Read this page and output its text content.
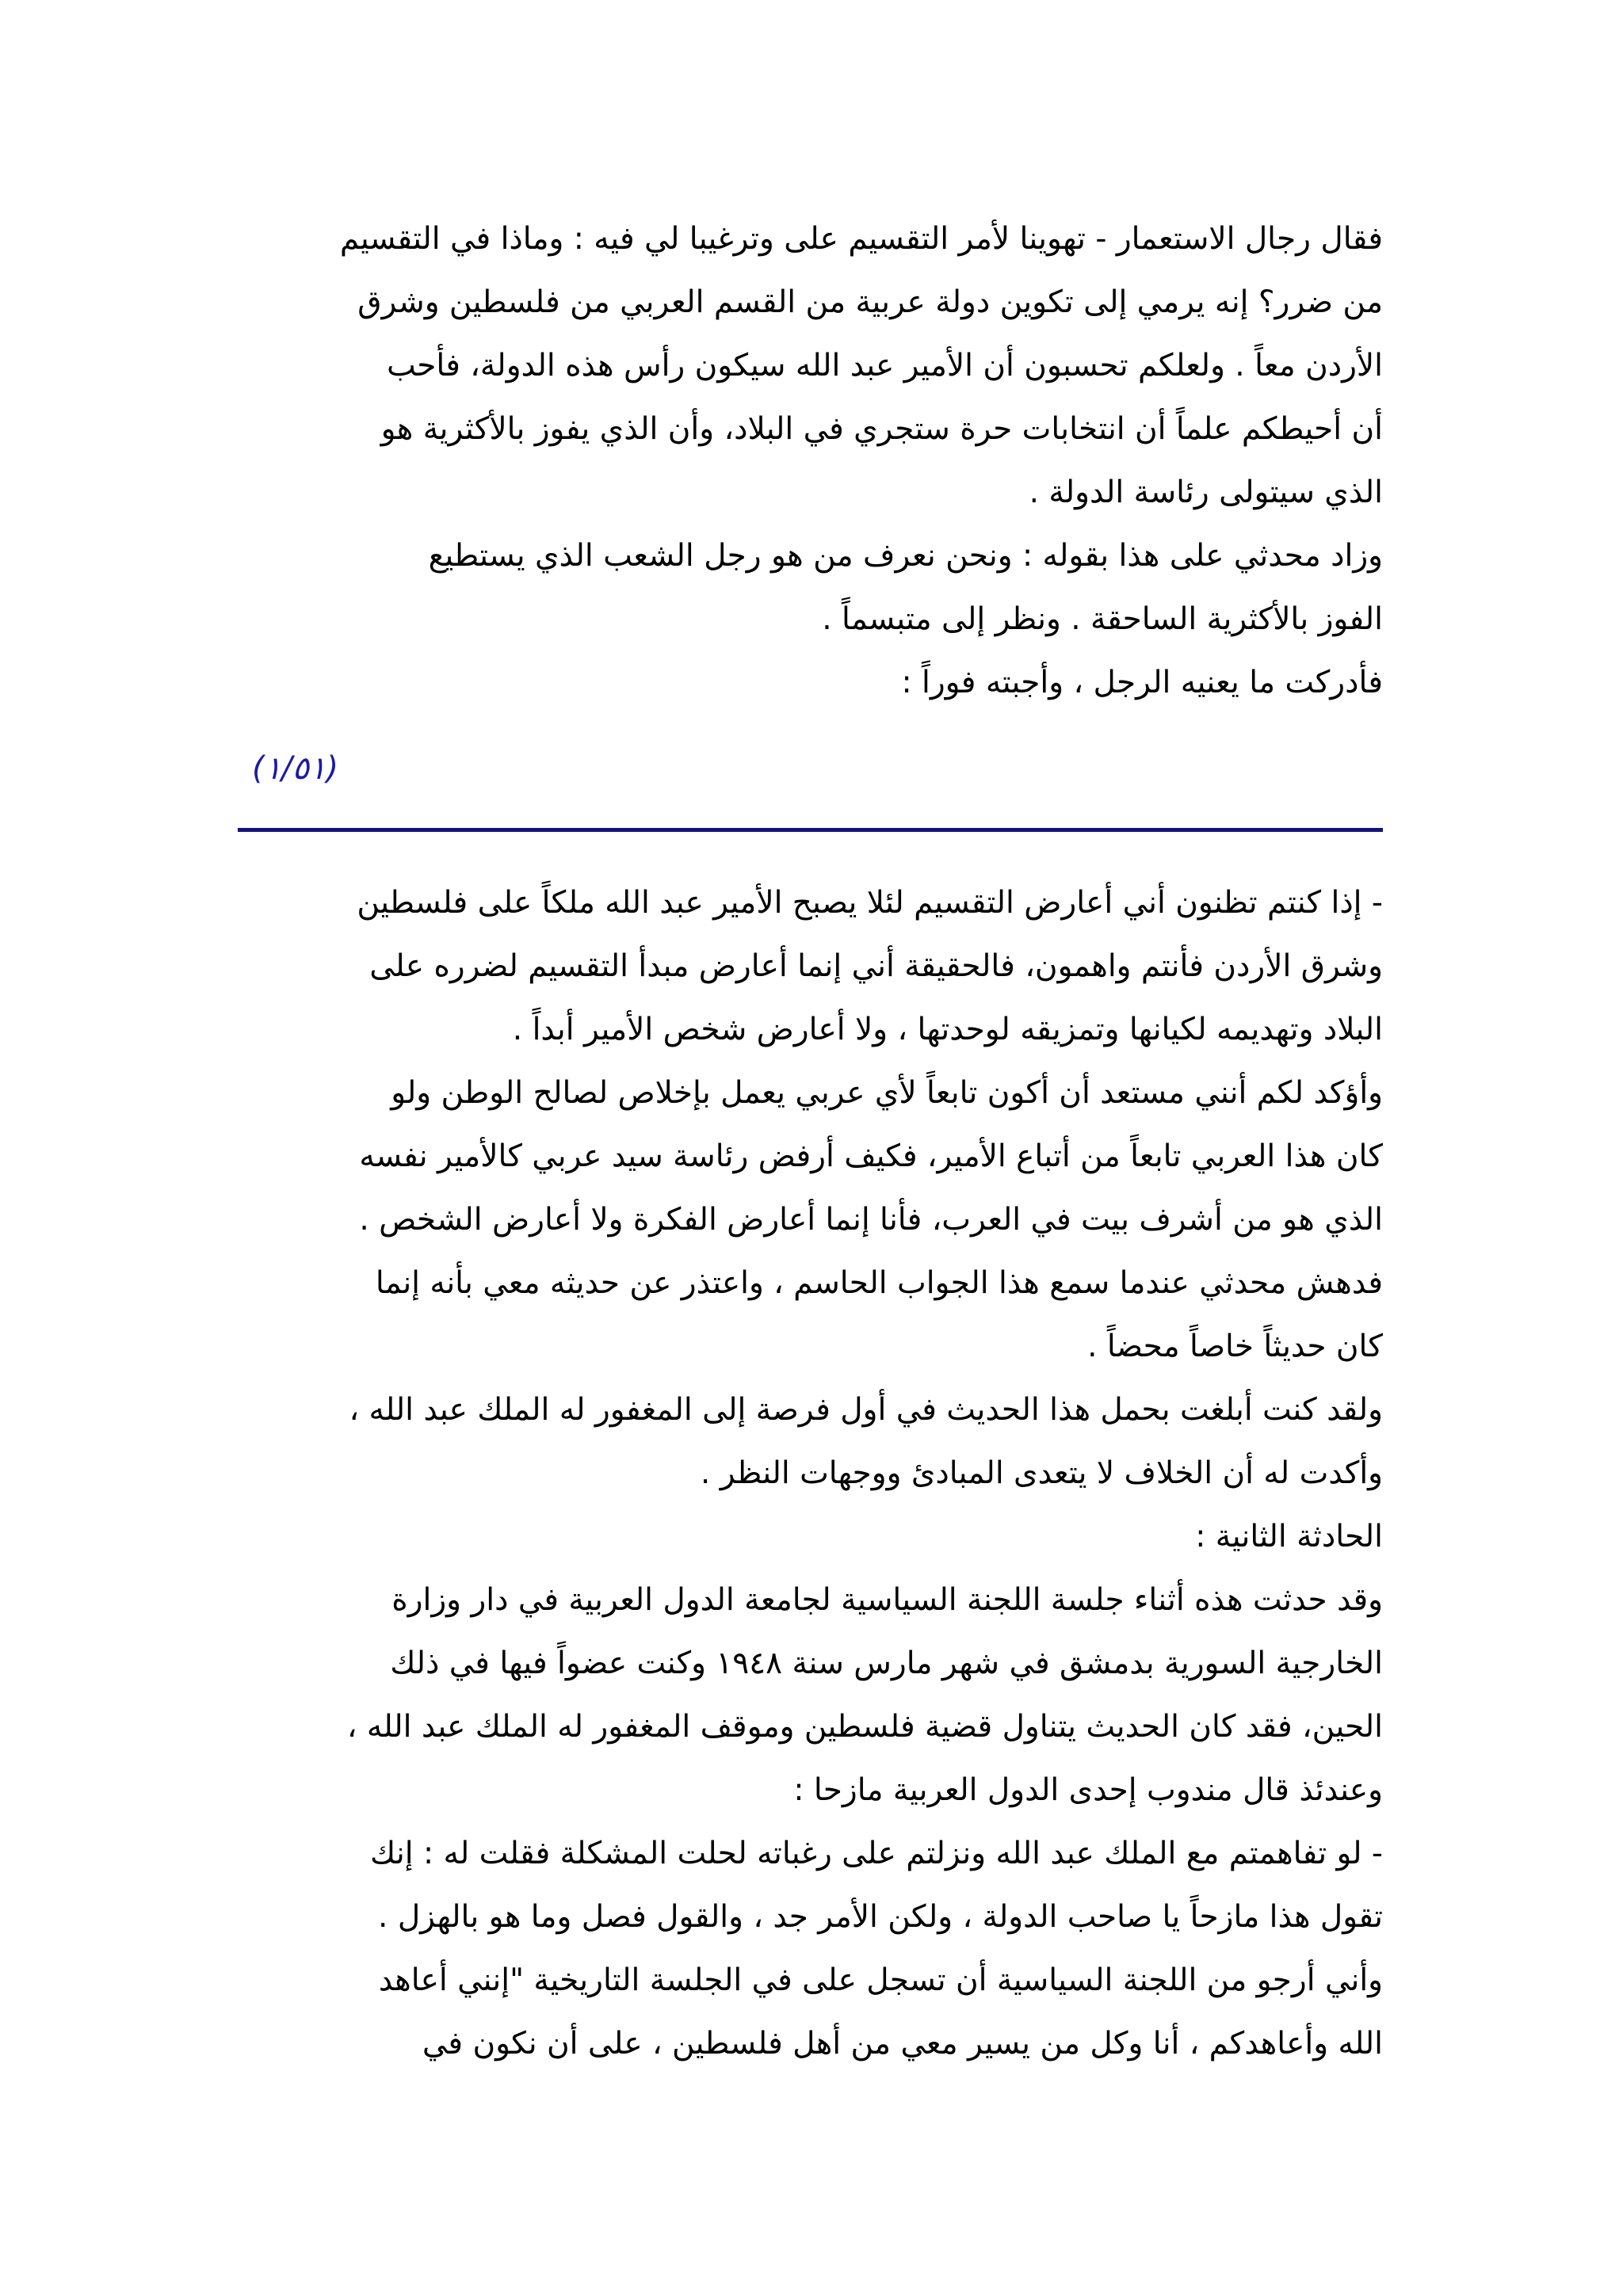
فقال رجال الاستعمار - تهوينا لأمر التقسيم على وترغيبا لي فيه : وماذا في التقسيم
من ضرر؟ إنه يرمي إلى تكوين دولة عربية من القسم العربي من فلسطين وشرق
الأردن معاً . ولعلكم تحسبون أن الأمير عبد الله سيكون رأس هذه الدولة، فأحب
أن أحيطكم علماً أن انتخابات حرة ستجري في البلاد، وأن الذي يفوز بالأكثرية هو
الذي سيتولى رئاسة الدولة .
وزاد محدثي على هذا بقوله : ونحن نعرف من هو رجل الشعب الذي يستطيع
الفوز بالأكثرية الساحقة . ونظر إلى متبسماً .
فأدركت ما يعنيه الرجل ، وأجبته فوراً :
(١/٥١)
- إذا كنتم تظنون أني أعارض التقسيم لئلا يصبح الأمير عبد الله ملكاً على فلسطين
وشرق الأردن فأنتم واهمون، فالحقيقة أني إنما أعارض مبدأ التقسيم لضرره على
البلاد وتهديمه لكيانها وتمزيقه لوحدتها ، ولا أعارض شخص الأمير أبداً .
وأؤكد لكم أنني مستعد أن أكون تابعاً لأي عربي يعمل بإخلاص لصالح الوطن ولو
كان هذا العربي تابعاً من أتباع الأمير، فكيف أرفض رئاسة سيد عربي كالأمير نفسه
الذي هو من أشرف بيت في العرب، فأنا إنما أعارض الفكرة ولا أعارض الشخص .
فدهش محدثي عندما سمع هذا الجواب الحاسم ، واعتذر عن حديثه معي بأنه إنما
كان حديثاً خاصاً محضاً .
ولقد كنت أبلغت بحمل هذا الحديث في أول فرصة إلى المغفور له الملك عبد الله ،
وأكدت له أن الخلاف لا يتعدى المبادئ ووجهات النظر .
الحادثة الثانية :
وقد حدثت هذه أثناء جلسة اللجنة السياسية لجامعة الدول العربية في دار وزارة
الخارجية السورية بدمشق في شهر مارس سنة ١٩٤٨ وكنت عضواً فيها في ذلك
الحين، فقد كان الحديث يتناول قضية فلسطين وموقف المغفور له الملك عبد الله ،
وعندئذ قال مندوب إحدى الدول العربية مازحا :
- لو تفاهمتم مع الملك عبد الله ونزلتم على رغباته لحلت المشكلة فقلت له : إنك
تقول هذا مازحاً يا صاحب الدولة ، ولكن الأمر جد ، والقول فصل وما هو بالهزل .
وأني أرجو من اللجنة السياسية أن تسجل على في الجلسة التاريخية "إنني أعاهد
الله وأعاهدكم ، أنا وكل من يسير معي من أهل فلسطين ، على أن نكون في
